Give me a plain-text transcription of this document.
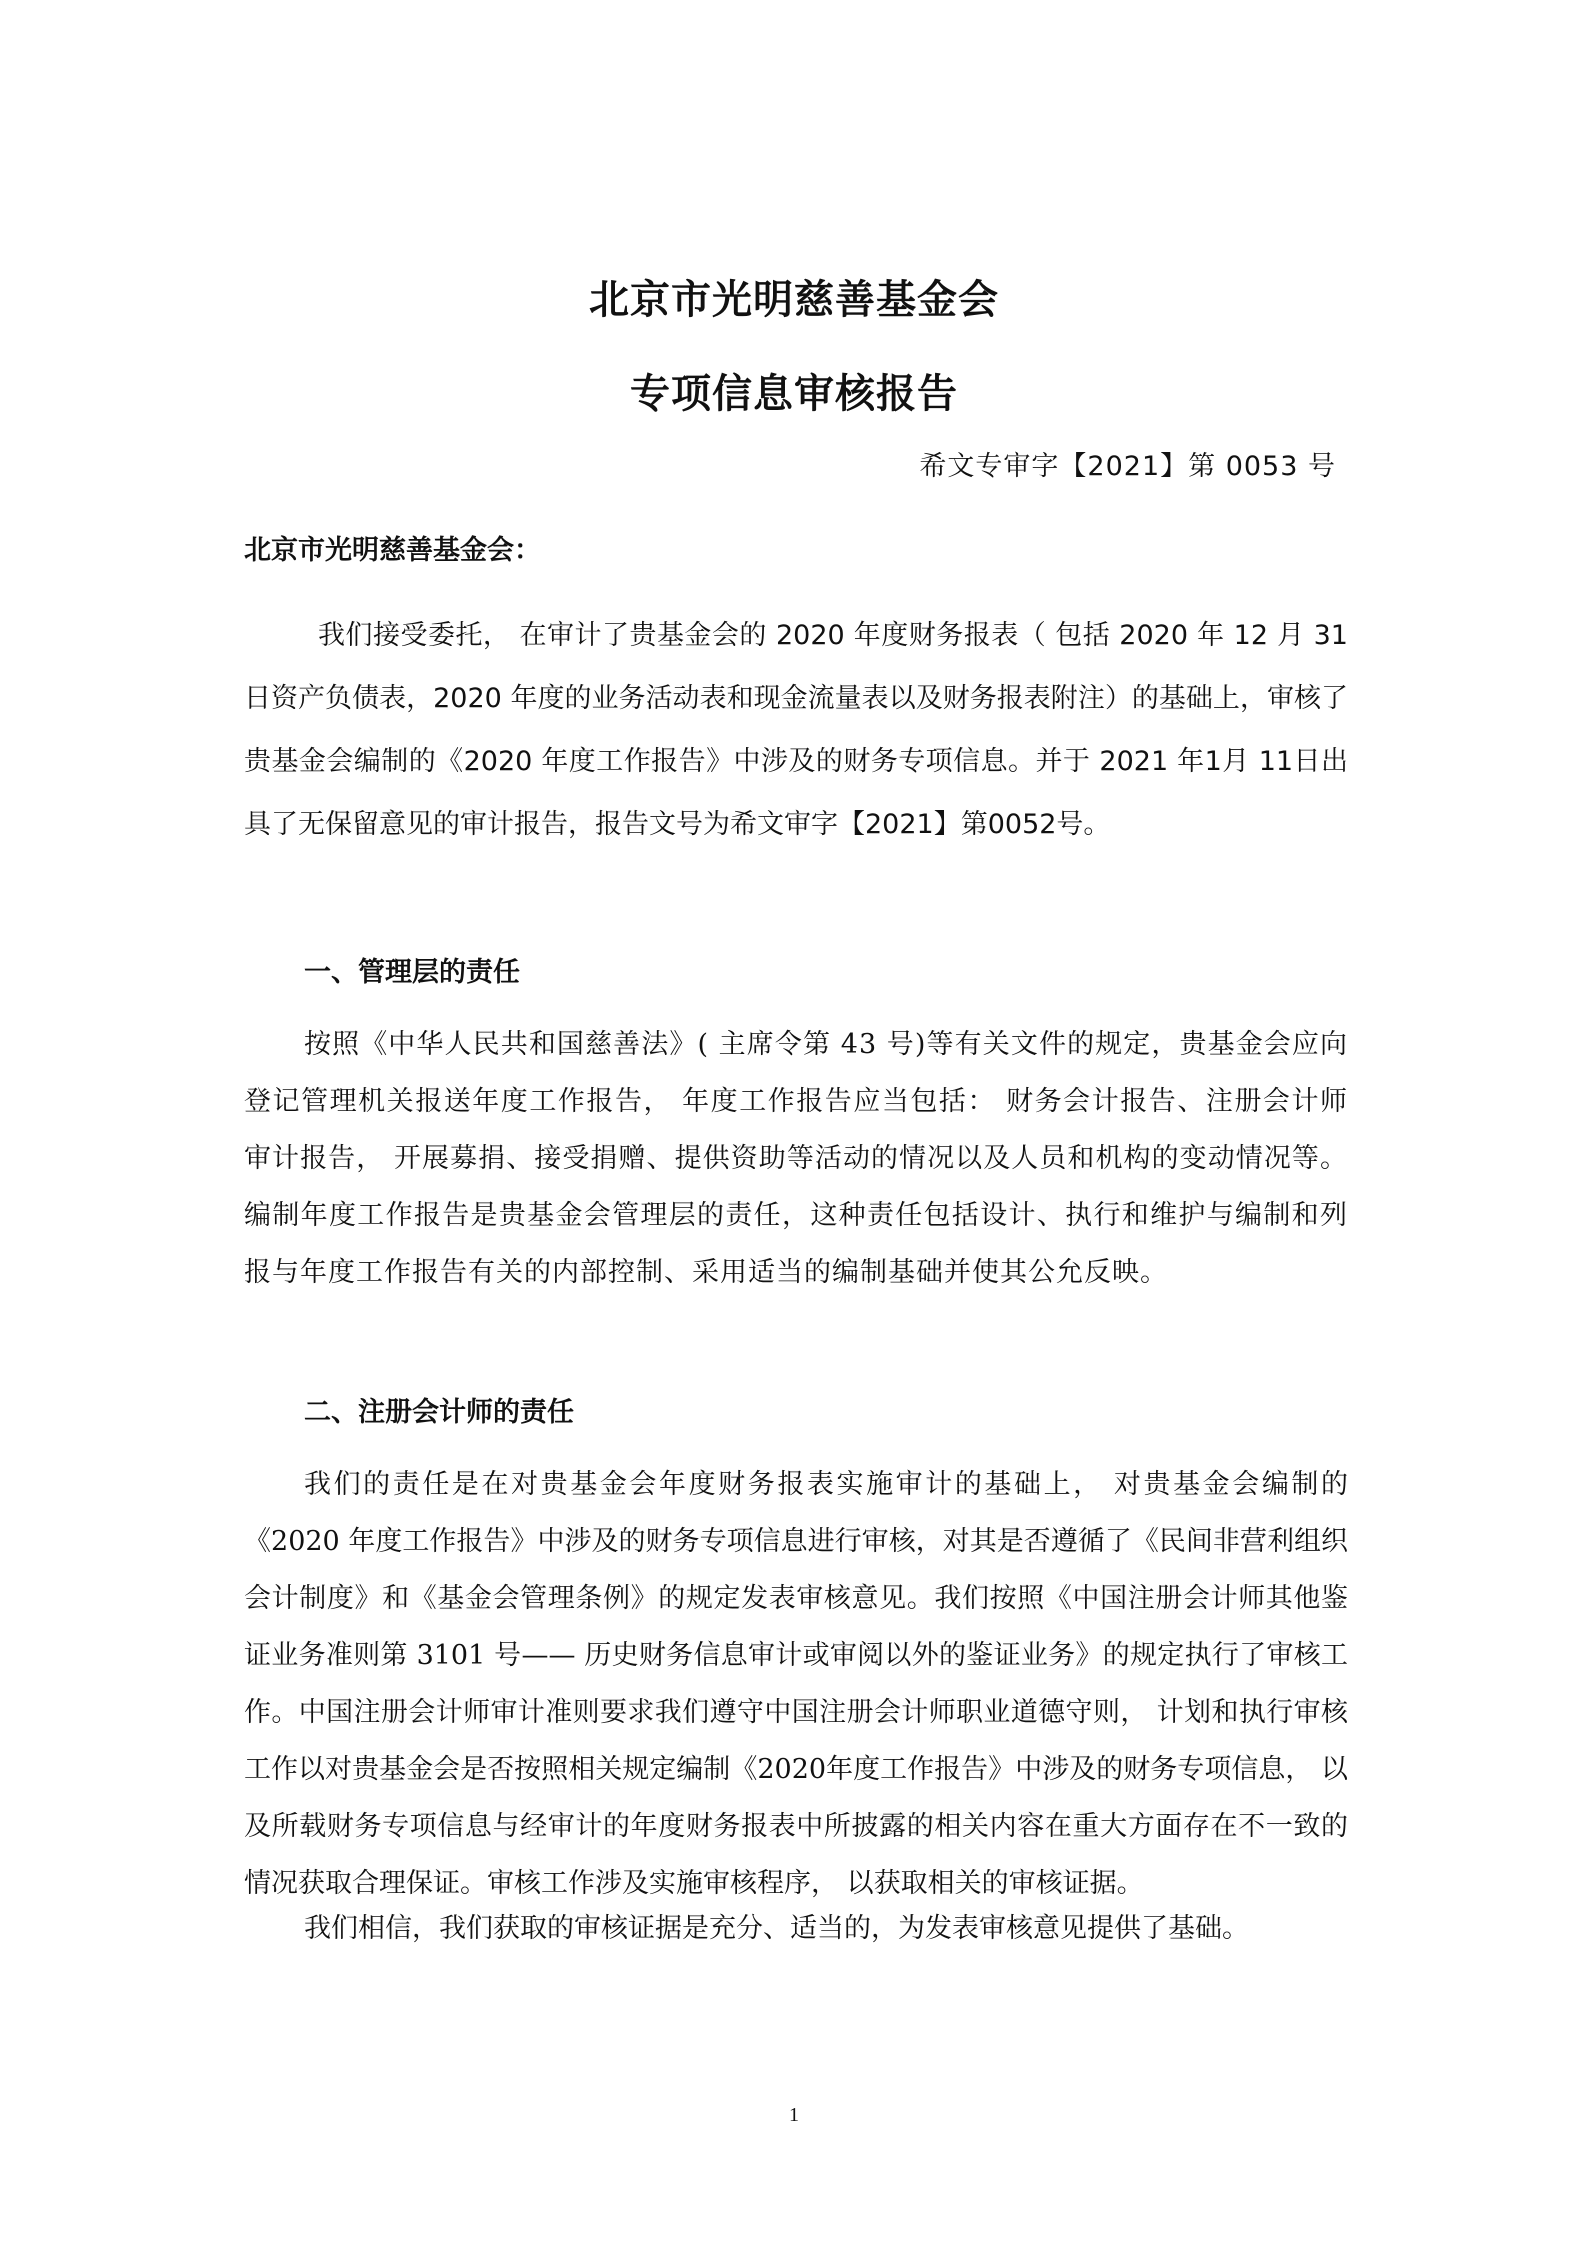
北京市光明慈善基金会
专项信息审核报告
希文专审字【2021】第 0053 号
北京市光明慈善基金会：

我们接受委托， 在审计了贵基金会的 2020 年度财务报表（ 包括 2020 年 12 月 31 日资产负债表，2020 年度的业务活动表和现金流量表以及财务报表附注）的基础上，审核了贵基金会编制的《2020 年度工作报告》中涉及的财务专项信息。并于 2021 年1月 11日出具了无保留意见的审计报告，报告文号为希文审字【2021】第0052号。

一、管理层的责任

按照《中华人民共和国慈善法》( 主席令第 43 号)等有关文件的规定，贵基金会应向登记管理机关报送年度工作报告， 年度工作报告应当包括： 财务会计报告、注册会计师审计报告， 开展募捐、接受捐赠、提供资助等活动的情况以及人员和机构的变动情况等。编制年度工作报告是贵基金会管理层的责任，这种责任包括设计、执行和维护与编制和列报与年度工作报告有关的内部控制、采用适当的编制基础并使其公允反映。

二、注册会计师的责任

我们的责任是在对贵基金会年度财务报表实施审计的基础上， 对贵基金会编制的《2020 年度工作报告》中涉及的财务专项信息进行审核，对其是否遵循了《民间非营利组织会计制度》和《基金会管理条例》的规定发表审核意见。我们按照《中国注册会计师其他鉴证业务准则第 3101 号—— 历史财务信息审计或审阅以外的鉴证业务》的规定执行了审核工作。中国注册会计师审计准则要求我们遵守中国注册会计师职业道德守则， 计划和执行审核工作以对贵基金会是否按照相关规定编制《2020年度工作报告》中涉及的财务专项信息， 以及所载财务专项信息与经审计的年度财务报表中所披露的相关内容在重大方面存在不一致的情况获取合理保证。审核工作涉及实施审核程序， 以获取相关的审核证据。

我们相信，我们获取的审核证据是充分、适当的，为发表审核意见提供了基础。

1
